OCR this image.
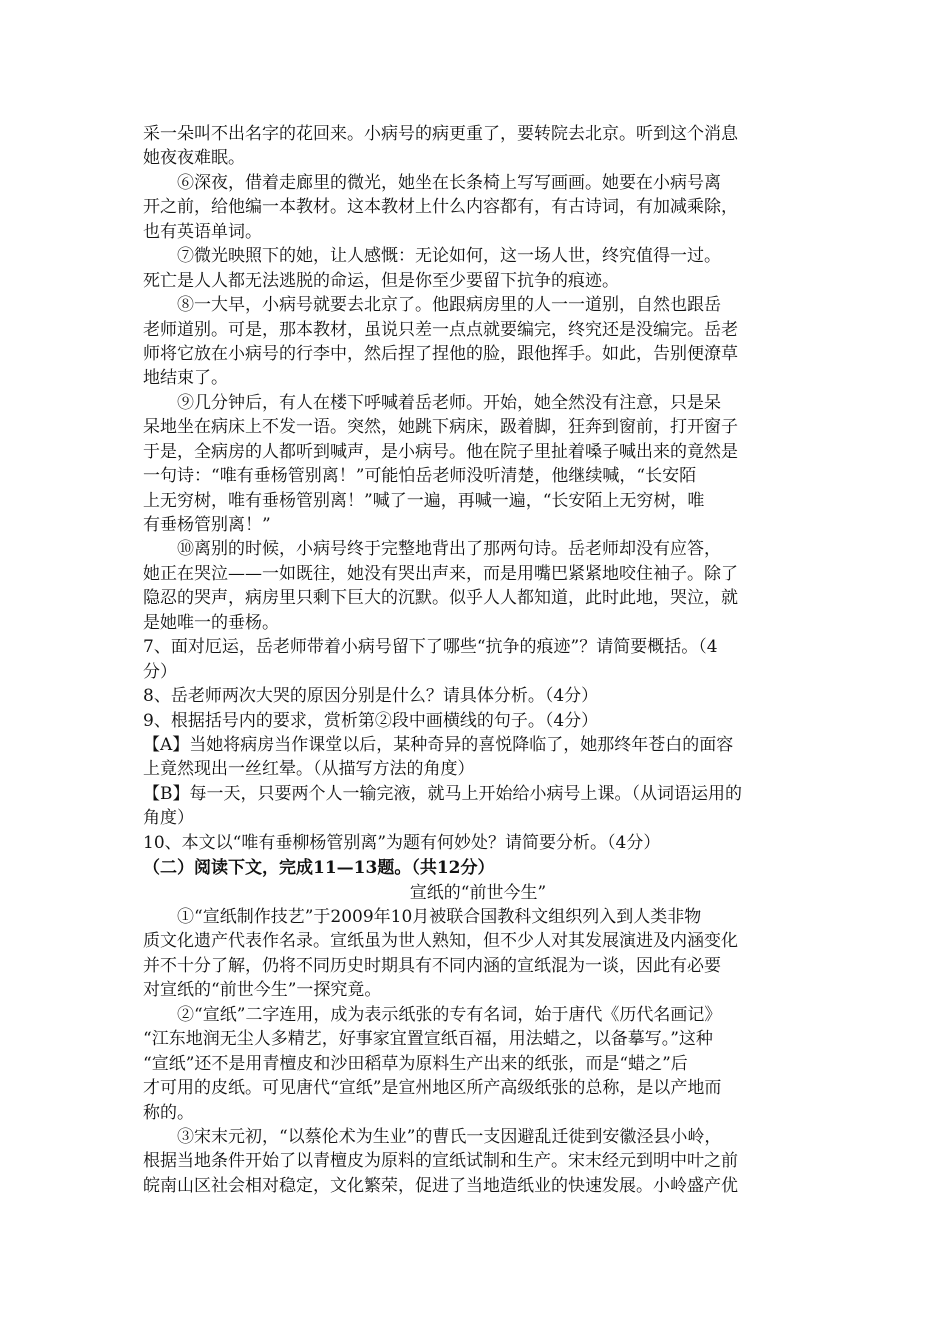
采一朵叫不出名字的花回来。小病号的病更重了，要转院去北京。听到这个消息
她夜夜难眠。
⑥深夜，借着走廊里的微光，她坐在长条椅上写写画画。她要在小病号离
开之前，给他编一本教材。这本教材上什么内容都有，有古诗词，有加减乘除，
也有英语单词。
⑦微光映照下的她，让人感慨：无论如何，这一场人世，终究值得一过。
死亡是人人都无法逃脱的命运，但是你至少要留下抗争的痕迹。
⑧一大早，小病号就要去北京了。他跟病房里的人一一道别，自然也跟岳
老师道别。可是，那本教材，虽说只差一点点就要编完，终究还是没编完。岳老
师将它放在小病号的行李中，然后捏了捏他的脸，跟他挥手。如此，告别便潦草
地结束了。
⑨几分钟后，有人在楼下呼喊着岳老师。开始，她全然没有注意，只是呆
呆地坐在病床上不发一语。突然，她跳下病床，趿着脚，狂奔到窗前，打开窗子
于是，全病房的人都听到喊声，是小病号。他在院子里扯着嗓子喊出来的竟然是
一句诗：“唯有垂杨管别离！”可能怕岳老师没听清楚，他继续喊，“长安陌
上无穷树，唯有垂杨管别离！”喊了一遍，再喊一遍，“长安陌上无穷树，唯
有垂杨管别离！”
⑩离别的时候，小病号终于完整地背出了那两句诗。岳老师却没有应答，
她正在哭泣——一如既往，她没有哭出声来，而是用嘴巴紧紧地咬住袖子。除了
隐忍的哭声，病房里只剩下巨大的沉默。似乎人人都知道，此时此地，哭泣，就
是她唯一的垂杨。
7、面对厄运，岳老师带着小病号留下了哪些“抗争的痕迹”？请简要概括。（4
分）
8、岳老师两次大哭的原因分别是什么？请具体分析。（4分）
9、根据括号内的要求，赏析第②段中画横线的句子。（4分）
【A】当她将病房当作课堂以后，某种奇异的喜悦降临了，她那终年苍白的面容
上竟然现出一丝红晕。（从描写方法的角度）
【B】每一天，只要两个人一输完液，就马上开始给小病号上课。（从词语运用的
角度）
10、本文以“唯有垂柳杨管别离”为题有何妙处？请简要分析。（4分）
（二）阅读下文，完成11—13题。（共12分）
宣纸的“前世今生”
①“宣纸制作技艺”于2009年10月被联合国教科文组织列入到人类非物
质文化遗产代表作名录。宣纸虽为世人熟知，但不少人对其发展演进及内涵变化
并不十分了解，仍将不同历史时期具有不同内涵的宣纸混为一谈，因此有必要
对宣纸的“前世今生”一探究竟。
②“宣纸”二字连用，成为表示纸张的专有名词，始于唐代《历代名画记》
“江东地润无尘人多精艺，好事家宜置宣纸百福，用法蜡之，以备摹写。”这种
“宣纸”还不是用青檀皮和沙田稻草为原料生产出来的纸张，而是“蜡之”后
才可用的皮纸。可见唐代“宣纸”是宣州地区所产高级纸张的总称，是以产地而
称的。
③宋末元初，“以蔡伦术为生业”的曹氏一支因避乱迁徙到安徽泾县小岭，
根据当地条件开始了以青檀皮为原料的宣纸试制和生产。宋末经元到明中叶之前
皖南山区社会相对稳定，文化繁荣，促进了当地造纸业的快速发展。小岭盛产优
